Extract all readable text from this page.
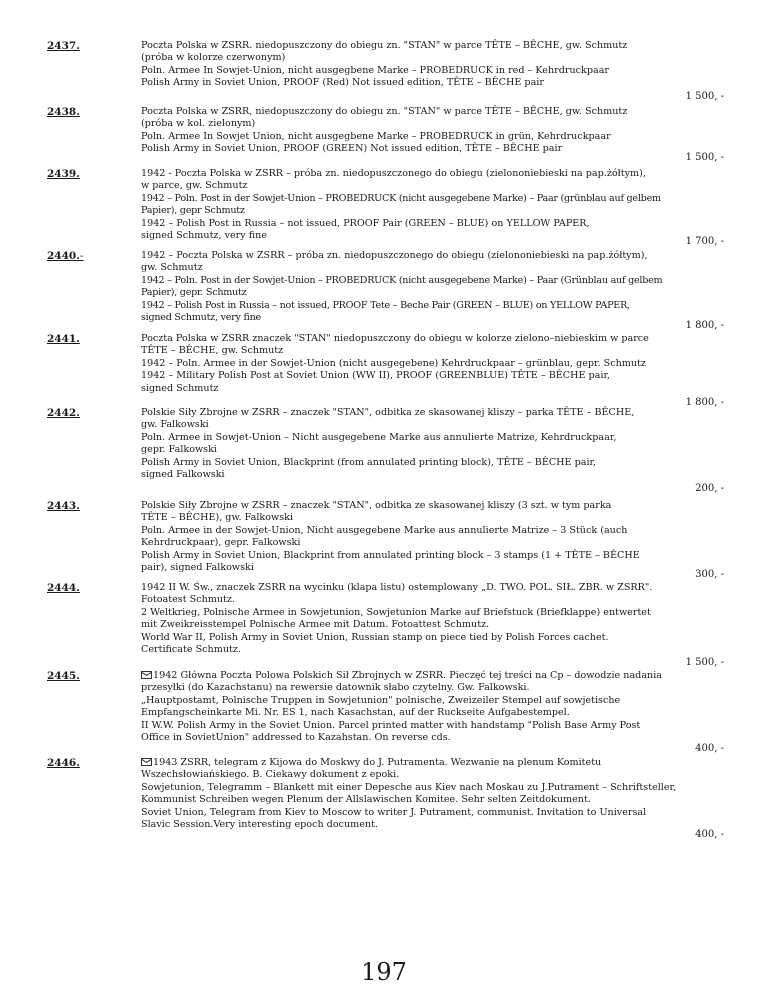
2437.	Poczta Polska w ZSRR. niedopuszczony do obiegu zn. "STAN" w parce TÊTE – BÊCHE, gw. Schmutz
(próba w kolorze czerwonym)
Poln. Armee In Sowjet-Union, nicht ausgegbene Marke – PROBEDRUCK in red – Kehrdruckpaar
Polish Army in Soviet Union, PROOF (Red) Not issued edition, TÊTE – BÊCHE pair
1 500, -
2438.	Poczta Polska w ZSRR, niedopuszczony do obiegu zn. "STAN" w parce TÊTE – BÊCHE, gw. Schmutz
(próba w kol. zielonym)
Poln. Armee In Sowjet Union, nicht ausgegbene Marke – PROBEDRUCK in grün, Kehrdruckpaar
Polish Army in Soviet Union, PROOF (GREEN) Not issued edition, TÊTE – BÊCHE pair
1 500, -
2439.	1942 - Poczta Polska w ZSRR – próba zn. niedopuszczonego do obiegu (zielononiebieski na pap.żółtym),
w parce, gw. Schmutz
1942 – Poln. Post in der Sowjet-Union – PROBEDRUCK (nicht ausgegebene Marke) – Paar (grünblau auf gelbem
Papier), gepr Schmutz
1942 – Polish Post in Russia – not issued, PROOF Pair (GREEN – BLUE) on YELLOW PAPER,
signed Schmutz, very fine
1 700, -
2440.-	1942 – Poczta Polska w ZSRR – próba zn. niedopuszczonego do obiegu (zielononiebieski na pap.żółtym),
gw. Schmutz
1942 – Poln. Post in der Sowjet-Union – PROBEDRUCK (nicht ausgegebene Marke) – Paar (Grünblau auf gelbem
Papier), gepr. Schmutz
1942 – Polish Post in Russia – not issued, PROOF Tete – Beche Pair (GREEN – BLUE) on YELLOW PAPER,
signed Schmutz, very fine
1 800, -
2441.	Poczta Polska w ZSRR znaczek "STAN" niedopuszczony do obiegu w kolorze zielono–niebieskim w parce
TÊTE – BÊCHE, gw. Schmutz
1942 – Poln. Armeе in der Sowjet-Union (nicht ausgegebene) Kehrdruckpaar – grünblau, gepr. Schmutz
1942 – Military Polish Post at Soviet Union (WW II), PROOF (GREENBLUE) TÊTE – BÊCHE pair,
signed Schmutz
1 800, -
2442.	Polskie Siły Zbrojne w ZSRR – znaczek "STAN", odbitka ze skasowanej kliszy – parka TÊTE – BÊCHE,
gw. Falkowski
Poln. Armee in Sowjet-Union – Nicht ausgegebene Marke aus annulierte Matrize, Kehrdruckpaar,
gepr. Falkowski
Polish Army in Soviet Union, Blackprint (from annulated printing block), TÊTE – BÊCHE pair,
signed Falkowski
200, -
2443.	Polskie Siły Zbrojne w ZSRR – znaczek "STAN", odbitka ze skasowanej kliszy (3 szt. w tym parka
TÊTE – BÊCHE), gw. Falkowski
Poln. Armee in der Sowjet-Union, Nicht ausgegebene Marke aus annulierte Matrize – 3 Stück (auch
Kehrdruckpaar), gepr. Falkowski
Polish Army in Soviet Union, Blackprint from annulated printing block – 3 stamps (1 + TÊTE – BÊCHE
pair), signed Falkowski
300, -
2444.	1942 II W. Św., znaczek ZSRR na wycinku (klapa listu) ostemplowany „D. TWO. POL. SIŁ. ZBR. w ZSRR".
Fotoatest Schmutz.
2 Weltkrieg, Polnische Armee in Sowjetunion, Sowjetunion Marke auf Briefstuck (Briefklappe) entwertet
mit Zweikreisstempel Polnische Armee mit Datum. Fotoattest Schmutz.
World War II, Polish Army in Soviet Union, Russian stamp on piece tied by Polish Forces cachet.
Certificate Schmutz.
1 500, -
2445.	1942 Główna Poczta Polowa Polskich Sił Zbrojnych w ZSRR. Pieczęć tej treści na Cp – dowodzie nadania
przesyłki (do Kazachstanu) na rewersie datownik słabo czytelny. Gw. Falkowski.
„Hauptpostamt, Polnische Truppen in Sowjetunion" polnische, Zweizeiler Stempel auf sowjetische
Empfangscheinkarte Mi. Nr. ES 1, nach Kasachstan, auf der Ruckseite Aufgabestempel.
II W.W. Polish Army in the Soviet Union. Parcel printed matter with handstamp "Polish Base Army Post
Office in SovietUnion" addressed to Kazahstan. On reverse cds.
400, -
2446.	1943 ZSRR, telegram z Kijowa do Moskwy do J. Putramenta. Wezwanie na plenum Komitetu
Wszechsłowiańskiego. B. Ciekawy dokument z epoki.
Sowjetunion, Telegramm – Blankett mit einer Depesche aus Kiev nach Moskau zu J.Putrament – Schriftsteller,
Kommunist Schreiben wegen Plenum der Allslawischen Komitee. Sehr selten Zeitdokument.
Soviet Union, Telegram from Kiev to Moscow to writer J. Putrament, communist. Invitation to Universal
Slavic Session.Very interesting epoch document.
400, -
197
